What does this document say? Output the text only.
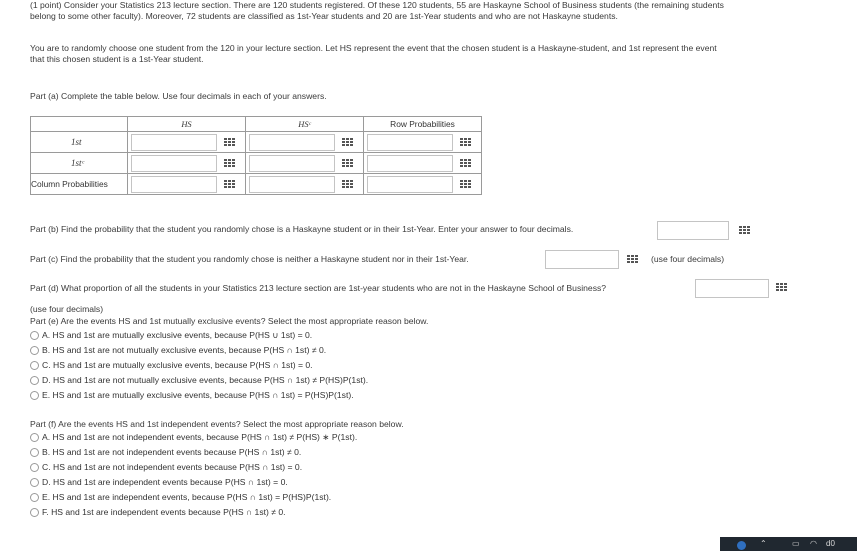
(1 point) Consider your Statistics 213 lecture section. There are 120 students registered. Of these 120 students, 55 are Haskayne School of Business students (the remaining students
belong to some other faculty). Moreover, 72 students are classified as 1st-Year students and 20 are 1st-Year students and who are not Haskayne students.
You are to randomly choose one student from the 120 in your lecture section. Let HS represent the event that the chosen student is a Haskayne-student, and 1st represent the event
that this chosen student is a 1st-Year student.
Part (a) Complete the table below. Use four decimals in each of your answers.
	HS	HSᶜ	Row Probabilities
1st	

1stᶜ	

Column Probabilities	

Part (b) Find the probability that the student you randomly chose is a Haskayne student or in their 1st-Year. Enter your answer to four decimals.
Part (c) Find the probability that the student you randomly chose is neither a Haskayne student nor in their 1st-Year.	(use four decimals)
Part (d) What proportion of all the students in your Statistics 213 lecture section are 1st-year students who are not in the Haskayne School of Business?
(use four decimals)
Part (e) Are the events HS and 1st mutually exclusive events? Select the most appropriate reason below.
A. HS and 1st are mutually exclusive events, because P(HS ∪ 1st) = 0.
B. HS and 1st are not mutually exclusive events, because P(HS ∩ 1st) ≠ 0.
C. HS and 1st are mutually exclusive events, because P(HS ∩ 1st) = 0.
D. HS and 1st are not mutually exclusive events, because P(HS ∩ 1st) ≠ P(HS)P(1st).
E. HS and 1st are mutually exclusive events, because P(HS ∩ 1st) = P(HS)P(1st).
Part (f) Are the events HS and 1st independent events? Select the most appropriate reason below.
A. HS and 1st are not independent events, because P(HS ∩ 1st) ≠ P(HS) ∗ P(1st).
B. HS and 1st are not independent events because P(HS ∩ 1st) ≠ 0.
C. HS and 1st are not independent events because P(HS ∩ 1st) = 0.
D. HS and 1st are independent events because P(HS ∩ 1st) = 0.
E. HS and 1st are independent events, because P(HS ∩ 1st) = P(HS)P(1st).
F. HS and 1st are independent events because P(HS ∩ 1st) ≠ 0.
⌃	▭ ◠ d0
